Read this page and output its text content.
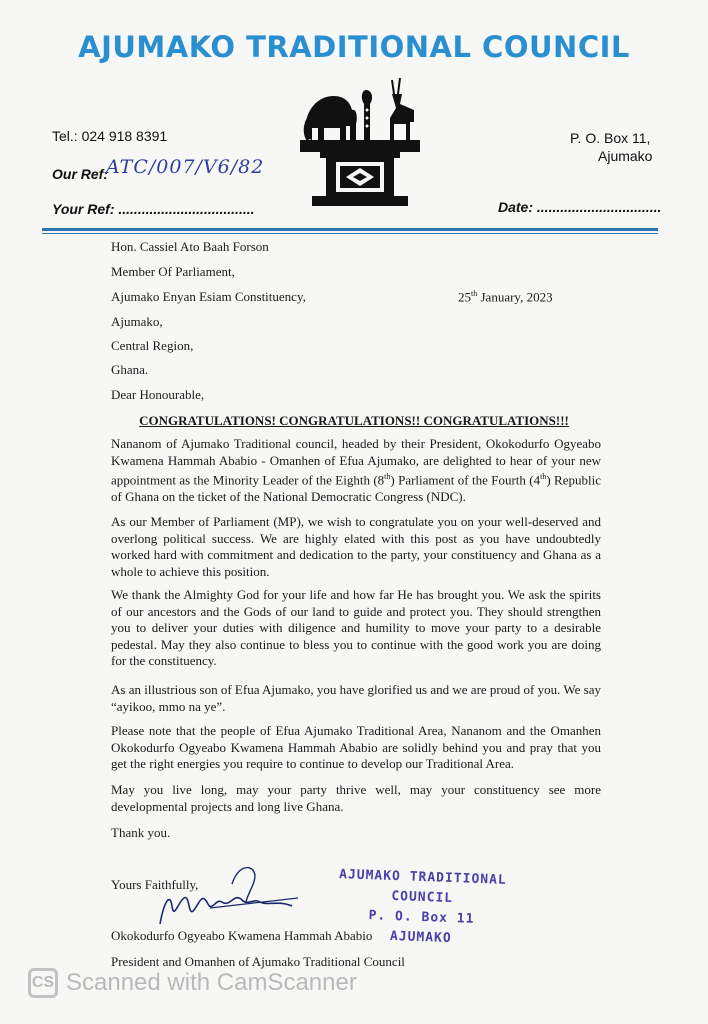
AJUMAKO TRADITIONAL COUNCIL
Tel.: 024 918 8391
Our Ref:
ATC/007/V6/82
Your Ref: ...................................
P. O. Box 11,
Ajumako
Date: ................................
Hon. Cassiel Ato Baah Forson
Member Of Parliament,
Ajumako Enyan Esiam Constituency,
Ajumako,
Central Region,
Ghana.
Dear Honourable,
25th January, 2023
CONGRATULATIONS! CONGRATULATIONS!! CONGRATULATIONS!!!

Nananom of Ajumako Traditional council, headed by their President, Okokodurfo Ogyeabo Kwamena Hammah Ababio - Omanhen of Efua Ajumako, are delighted to hear of your new appointment as the Minority Leader of the Eighth (8th) Parliament of the Fourth (4th) Republic of Ghana on the ticket of the National Democratic Congress (NDC).

As our Member of Parliament (MP), we wish to congratulate you on your well-deserved and overlong political success. We are highly elated with this post as you have undoubtedly worked hard with commitment and dedication to the party, your constituency and Ghana as a whole to achieve this position.

We thank the Almighty God for your life and how far He has brought you. We ask the spirits of our ancestors and the Gods of our land to guide and protect you. They should strengthen you to deliver your duties with diligence and humility to move your party to a desirable pedestal. May they also continue to bless you to continue with the good work you are doing for the constituency.

As an illustrious son of Efua Ajumako, you have glorified us and we are proud of you. We say “ayikoo, mmo na ye”.

Please note that the people of Efua Ajumako Traditional Area, Nananom and the Omanhen Okokodurfo Ogyeabo Kwamena Hammah Ababio are solidly behind you and pray that you get the right energies you require to continue to develop our Traditional Area.

May you live long, may your party thrive well, may your constituency see more developmental projects and long live Ghana.

Thank you.
Yours Faithfully,
Okokodurfo Ogyeabo Kwamena Hammah Ababio
President and Omanhen of Ajumako Traditional Council
AJUMAKO TRADITIONAL COUNCIL
P. O. Box 11
AJUMAKO
CS Scanned with CamScanner
